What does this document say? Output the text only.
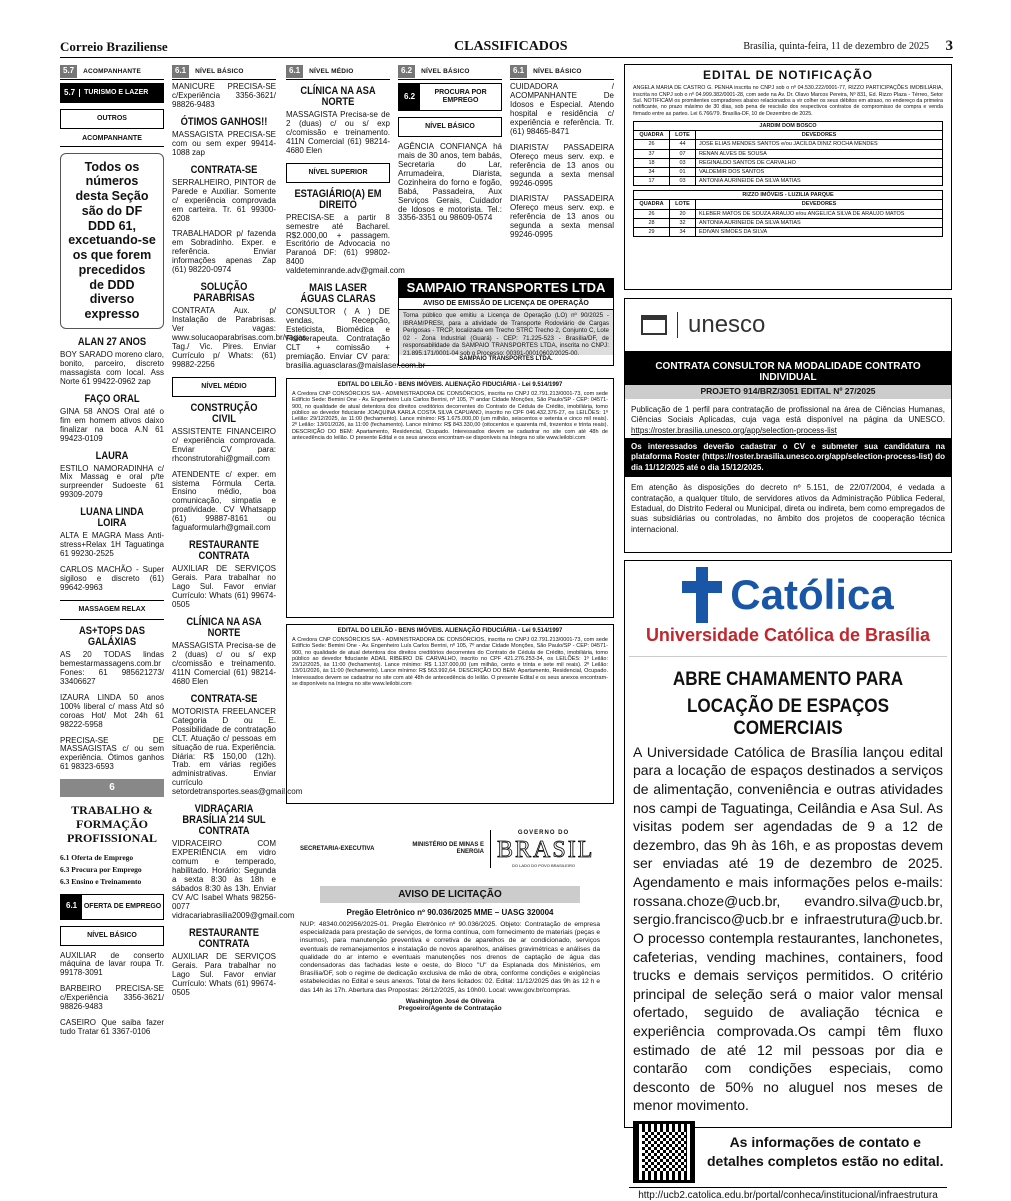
Correio Braziliense	CLASSIFICADOS	Brasília, quinta-feira, 11 de dezembro de 2025 3
5.7	ACOMPANHANTE
5.7	TURISMO E LAZER
OUTROS
ACOMPANHANTE
Todos os
números
desta Seção
são do DF
DDD 61,
excetuando-se
os que forem
precedidos
de DDD
diverso
expresso
ALAN 27 ANOS
BOY SARADO moreno claro, bonito, parceiro, discreto massagista com local. Ass Norte 61 99422-0962 zap
FAÇO ORAL
GINA 58 ANOS Oral até o fim em homem ativos daixo finalizar na boca A.N 61 99423-0109
LAURA
ESTILO NAMORADINHA c/ Mix Massag e oral p/te surpreender Sudoeste 61 99309-2079
LUANA LINDA LOIRA
ALTA E MAGRA Mass Anti-stress+Relax 1H Taguatinga 61 99230-2525
CARLOS MACHÃO - Super sigiloso e discreto (61) 99642-9963
MASSAGEM RELAX
AS+TOPS DAS GALÁXIAS
AS 20 TODAS lindas bemestarmassagens.com.br Fones: 61 985621273/ 33406627
IZAURA LINDA 50 anos 100% liberal c/ mass Atd só coroas Hot/ Mot 24h 61 98222-5958
PRECISA-SE DE MASSAGISTAS c/ ou sem experiência. Ótimos ganhos 61 98323-6593
6
TRABALHO & FORMAÇÃO PROFISSIONAL
6.1 Oferta de Emprego
6.3 Procura por Emprego
6.3 Ensino e Treinamento
6.1 OFERTA DE EMPREGO
NÍVEL BÁSICO
AUXILIAR de conserto máquina de lavar roupa Tr. 99178-3091
BARBEIRO PRECISA-SE c/Experiência 3356-3621/ 98826-9483
CASEIRO Que saiba fazer tudo Tratar 61 3367-0106
6.1	NÍVEL BÁSICO
MANICURE PRECISA-SE c/Experiência 3356-3621/ 98826-9483
ÓTIMOS GANHOS!!
MASSAGISTA PRECISA-SE com ou sem exper 99414-1088 zap
CONTRATA-SE
SERRALHEIRO, PINTOR de Parede e Auxiliar. Somente c/ experiência comprovada em carteira. Tr. 61 99300-6208
TRABALHADOR p/ fazenda em Sobradinho. Exper. e referência. Enviar informações apenas Zap (61) 98220-0974
SOLUÇÃO PARABRISAS
CONTRATA Aux. p/ Instalação de Parabrisas. Ver vagas: www.solucaoparabrisas.com.br/vagas. Tag./ Vic. Pires. Enviar Currículo p/ Whats: (61) 99882-2256
NÍVEL MÉDIO
CONSTRUÇÃO CIVIL
ASSISTENTE FINANCEIRO c/ experiência comprovada. Enviar CV para: rhconstrutorahi@gmail.com
ATENDENTE c/ exper. em sistema Fórmula Certa. Ensino médio, boa comunicação, simpatia e proatividade. CV Whatsapp (61) 99887-8161 ou faguaformularh@gmail.com
RESTAURANTE CONTRATA
AUXILIAR DE SERVIÇOS Gerais. Para trabalhar no Lago Sul. Favor enviar Currículo: Whats (61) 99674-0505
CLÍNICA NA ASA NORTE
MASSAGISTA Precisa-se de 2 (duas) c/ ou s/ exp c/comissão e treinamento. 411N Comercial (61) 98214-4680 Elen
CONTRATA-SE
MOTORISTA FREELANCER Categoria D ou E. Possibilidade de contratação CLT. Atuação c/ pessoas em situação de rua. Experiência. Diária: R$ 150,00 (12h). Trab. em várias regiões administrativas. Enviar currículo setordetransportes.seas@gmail.com
VIDRAÇARIA BRASÍLIA 214 SUL CONTRATA
VIDRACEIRO COM EXPERIÊNCIA em vidro comum e temperado, habilitado. Horário: Segunda a sexta 8:30 às 18h e sábados 8:30 às 13h. Enviar CV A/C Isabel Whats 98256-0077 vidracariabrasilia2009@gmail.com
RESTAURANTE CONTRATA
AUXILIAR DE SERVIÇOS Gerais. Para trabalhar no Lago Sul. Favor enviar Currículo: Whats (61) 99674-0505
6.1	NÍVEL MÉDIO
CLÍNICA NA ASA NORTE
MASSAGISTA Precisa-se de 2 (duas) c/ ou s/ exp c/comissão e treinamento. 411N Comercial (61) 98214-4680 Elen
NÍVEL SUPERIOR
ESTAGIÁRIO(A) EM DIREITO
PRECISA-SE a partir 8 semestre até Bacharel. R$2.000,00 + passagem. Escritório de Advocacia no Paranoá DF: (61) 99802-8400 valdeteminrande.adv@gmail.com
MAIS LASER ÁGUAS CLARAS
CONSULTOR ( A ) DE vendas, Recepção, Esteticista, Biomédica e Fisioterapeuta. Contratação CLT + comissão + premiação. Enviar CV para: brasilia.aguasclaras@maislaser.com.br
6.2	NÍVEL BÁSICO
6.2	PROCURA POR EMPREGO
NÍVEL BÁSICO
AGÊNCIA CONFIANÇA há mais de 30 anos, tem babás, Secretaria do Lar, Arrumadeira, Diarista, Cozinheira do forno e fogão, Babá, Passadeira, Aux Serviços Gerais, Cuidador de Idosos e motorista. Tel.: 3356-3351 ou 98609-0574
6.1	NÍVEL BÁSICO
CUIDADORA / ACOMPANHANTE De Idosos e Especial. Atendo hospital e residência c/ experiência e referência. Tr. (61) 98465-8471
DIARISTA/ PASSADEIRA Ofereço meus serv. exp. e referência de 13 anos ou segunda a sexta mensal 99246-0995
DIARISTA/ PASSADEIRA Ofereço meus serv. exp. e referência de 13 anos ou segunda a sexta mensal 99246-0995
SAMPAIO TRANSPORTES LTDA
AVISO DE EMISSÃO DE LICENÇA DE OPERAÇÃO
Torna público que emitiu a Licença de Operação (LO) nº 90/2025 - IBRAM/PRESI, para a atividade de Transporte Rodoviário de Cargas Perigosas - TRCP, localizada em Trecho STRC Trecho 2, Conjunto C, Lote 02 - Zona Industrial (Guará) - CEP: 71.225-523 - Brasília/DF, de responsabilidade da SAMPAIO TRANSPORTES LTDA, inscrita no CNPJ: 21.895.171/0001-04 sob o Processo: 00391-00010602/2025-00.
SAMPAIO TRANSPORTES LTDA.
EDITAL DO LEILÃO - BENS IMÓVEIS. ALIENAÇÃO FIDUCIÁRIA - Lei 9.514/1997
A Credora CNP CONSÓRCIOS S/A - ADMINISTRADORA DE CONSÓRCIOS, inscrita no CNPJ 02.791.213/0001-73, com sede Edifício Sede: Bemini One - Av. Engenheiro Luís Carlos Berrini, nº 105, 7º andar Cidade Monções, São Paulo/SP - CEP: 04571-900, no qualidade de atual detentora dos direitos creditórios decorrentes do Contrato de Cédula de Crédito, imobiliária, tomo público ao devedor fiduciante JOAQUINA KARLA COSTA SILVA CAPUANO, inscrito no CPF 046.432.376-27, os LEILÕES: 1º Leilão: 29/12/2025, às 11:00 (fechamento). Lance mínimo: R$ 1.675.000,00 (um milhão, seiscentos e setenta e cinco mil reais). 2º Leilão: 13/01/2026, às 11:00 (fechamento). Lance mínimo: R$ 843.330,00 (oitocentos e quarenta mil, trezentos e trinta reais). DESCRIÇÃO DO BEM: Apartamento, Residencial, Ocupado. Interessados devem se cadastrar no site com até 48h de antecedência do leilão. O presente Edital e os seus anexos encontram-se disponíveis na íntegra no site www.leilobi.com
EDITAL DO LEILÃO - BENS IMÓVEIS. ALIENAÇÃO FIDUCIÁRIA - Lei 9.514/1997
A Credora CNP CONSÓRCIOS S/A - ADMINISTRADORA DE CONSÓRCIOS, inscrita no CNPJ 02.791.213/0001-73, com sede Edifício Sede: Bemini One - Av. Engenheiro Luís Carlos Berrini, nº 105, 7º andar Cidade Monções, São Paulo/SP - CEP: 04571-900, no qualidade de atual detentora dos direitos creditórios decorrentes do Contrato de Cédula de Crédito, imobiliária, tomo público ao devedor fiduciante ADAIL RIBEIRO DE CARVALHO, inscrito no CPF 421.276.253-34, os LEILÕES: 1º Leilão: 29/12/2025, às 11:00 (fechamento). Lance mínimo: R$ 1.137.000,00 (um milhão, cento e trinta e sete mil reais). 2º Leilão: 13/01/2026, às 11:00 (fechamento). Lance mínimo: R$ 563.992,64. DESCRIÇÃO DO BEM: Apartamento, Residencial, Ocupado. Interessados devem se cadastrar no site com até 48h de antecedência do leilão. O presente Edital e os seus anexos encontram-se disponíveis na íntegra no site www.leilobi.com
SECRETARIA-EXECUTIVA
MINISTÉRIO DE MINAS E ENERGIA
GOVERNO DO
BRASIL
DO LADO DO POVO BRASILEIRO
AVISO DE LICITAÇÃO
Pregão Eletrônico nº 90.036/2025 MME – UASG 320004
NUP: 48340.002956/2025-01. Pregão Eletrônico nº 90.036/2025. Objeto: Contratação de empresa especializada para prestação de serviços, de forma contínua, com fornecimento de materiais (peças e insumos), para manutenção preventiva e corretiva de aparelhos de ar condicionado, serviços eventuais de remanejamentos e instalação de novos aparelhos, análises gravimétricas e análises da qualidade do ar interno e eventuais manutenções nos drenos de captação de água das condensadoras das fachadas leste e oeste, do Bloco "U" da Esplanada dos Ministérios, em Brasília/DF, sob o regime de dedicação exclusiva de mão de obra, conforme condições e exigências estabelecidas no Edital e seus anexos. Total de itens licitados: 02. Edital: 11/12/2025 das 9h às 12 h e das 14h às 17h. Abertura das Propostas: 26/12/2025, às 10h00. Local: www.gov.br/compras.
Washington José de Oliveira
Pregoeiro/Agente de Contratação
EDITAL DE NOTIFICAÇÃO
ANGELA MARIA DE CASTRO G. PENHA inscrita no CNPJ sob o nº 04.530.222/0001-77, RIZZO PARTICIPAÇÕES IMOBILIÁRIA, inscrita no CNPJ sob o nº 04.999.382/0001-28, com sede na Av. Dr. Olavo Marcos Pereira, Nº 831, Ed. Rizzo Plaza - Térreo, Setor Sul. NOTIFICAM os promitentes compradores abaixo relacionados a vir colher os seus débitos em atraso, no endereço da primeira notificante, no prazo máximo de 30 dias, sob pena de rescisão dos respectivos contratos de compromisso de compra e venda firmado entre as partes. Lei 6.766/79. Brasília-DF, 10 de Dezembro de 2025.
JARDIM DOM BOSCO		
QUADRA	LOTE	DEVEDORES
26	44	JOSE ELIAS MENDES SANTOS e/ou JACILDA DINIZ ROCHA MENDES
37	07	RENAN ALVES DE SOUSA
18	03	REGINALDO SANTOS DE CARVALHO
34	01	VALDEMIR DOS SANTOS
17	03	ANTONIA AURINEIDE DA SILVA MATIAS
RIZZO IMÓVEIS - LUZILIA PARQUE		
QUADRA	LOTE	DEVEDORES
26	20	KLEBER MATOS DE SOUZA ARAUJO e/ou ANGELICA SILVA DE ARAUJO MATOS
28	32	ANTONIA AURINEIDE DA SILVA MATIAS
29	34	EDIVAN SIMOES DA SILVA
unesco
CONTRATA CONSULTOR NA MODALIDADE CONTRATO INDIVIDUAL
PROJETO 914/BRZ/3051 EDITAL Nº 27/2025
Publicação de 1 perfil para contratação de profissional na área de Ciências Humanas, Ciências Sociais Aplicadas, cuja vaga está disponível na página da UNESCO. https://roster.brasilia.unesco.org/app/selection-process-list
Os interessados deverão cadastrar o CV e submeter sua candidatura na plataforma Roster (https://roster.brasilia.unesco.org/app/selection-process-list) do dia 11/12/2025 até o dia 15/12/2025.
Em atenção às disposições do decreto nº 5.151, de 22/07/2004, é vedada a contratação, a qualquer título, de servidores ativos da Administração Pública Federal, Estadual, do Distrito Federal ou Municipal, direta ou indireta, bem como empregados de suas subsidiárias ou controladas, no âmbito dos projetos de cooperação técnica internacional.
Católica
Universidade Católica de Brasília
ABRE CHAMAMENTO PARA
LOCAÇÃO DE ESPAÇOS COMERCIAIS
A Universidade Católica de Brasília lançou edital para a locação de espaços destinados a serviços de alimentação, conveniência e outras atividades nos campi de Taguatinga, Ceilândia e Asa Sul. As visitas podem ser agendadas de 9 a 12 de dezembro, das 9h às 16h, e as propostas devem ser enviadas até 19 de dezembro de 2025. Agendamento e mais informações pelos e-mails: rossana.choze@ucb.br, evandro.silva@ucb.br, sergio.francisco@ucb.br e infraestrutura@ucb.br. O processo contempla restaurantes, lanchonetes, cafeterias, vending machines, containers, food trucks e demais serviços permitidos. O critério principal de seleção será o maior valor mensal ofertado, seguido de avaliação técnica e experiência comprovada.Os campi têm fluxo estimado de até 12 mil pessoas por dia e contarão com condições especiais, como desconto de 50% no aluguel nos meses de menor movimento.
As informações de contato e
detalhes completos estão no edital.
http://ucb2.catolica.edu.br/portal/conheca/institucional/infraestrutura
